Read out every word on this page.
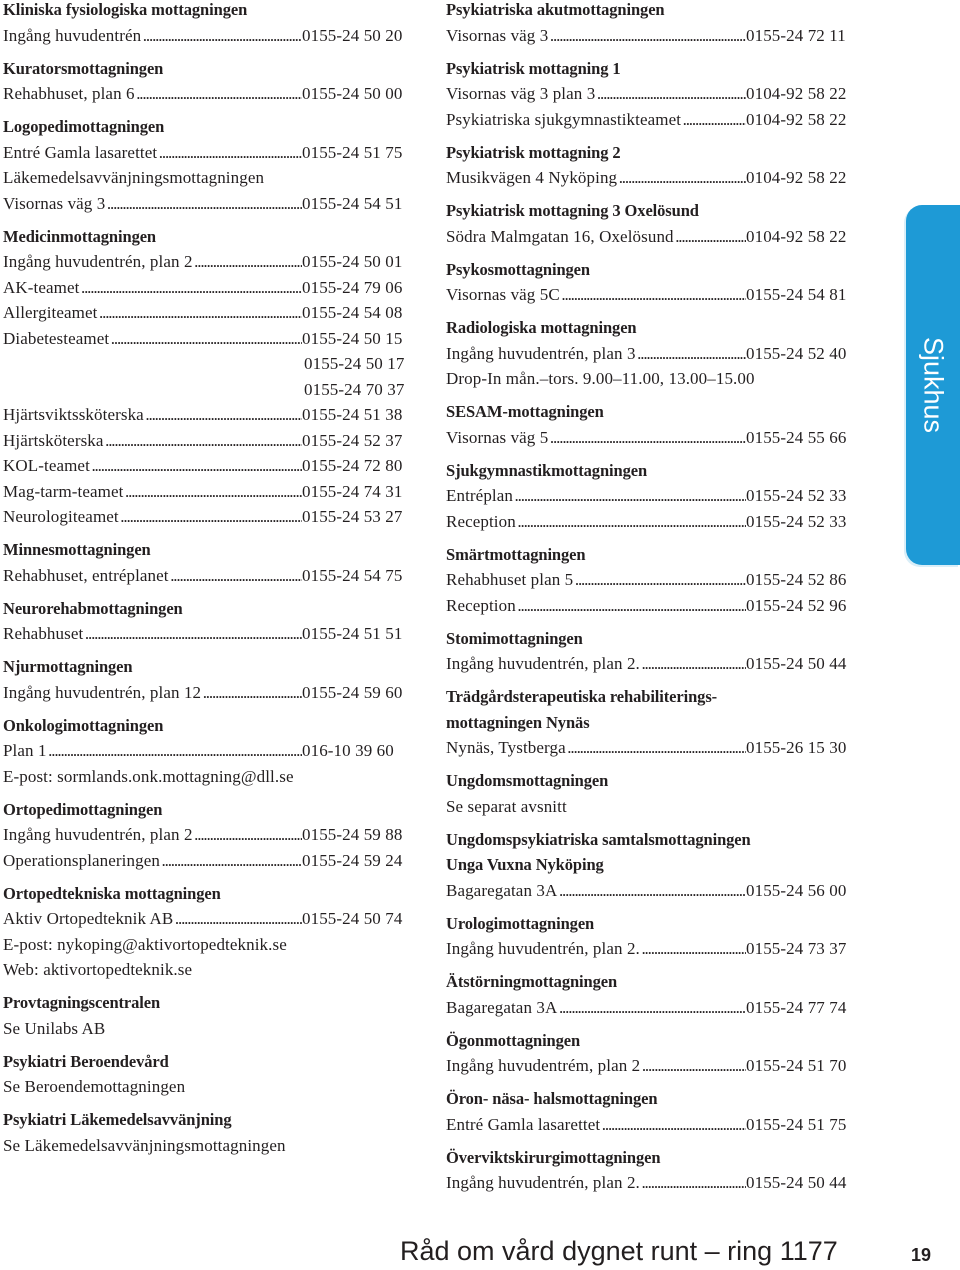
Kliniska fysiologiska mottagningen
Ingång huvudentrén . . .	0155-24 50 20
Kuratorsmottagningen
Rehabhuset, plan 6 . . .	0155-24 50 00
Logopedimottagningen
Entré Gamla lasarettet . . .	0155-24 51 75
Läkemedelsavvänjningsmottagningen
Visornas väg 3 . . .	0155-24 54 51
Medicinmottagningen
Ingång huvudentrén, plan 2 . . .	0155-24 50 01
AK-teamet . . .	0155-24 79 06
Allergiteamet . . .	0155-24 54 08
Diabetesteamet . . .	0155-24 50 15
0155-24 50 17
0155-24 70 37
Hjärtsviktssköterska . . .	0155-24 51 38
Hjärtsköterska . . .	0155-24 52 37
KOL-teamet . . .	0155-24 72 80
Mag-tarm-teamet . . .	0155-24 74 31
Neurologiteamet . . .	0155-24 53 27
Minnesmottagningen
Rehabhuset, entréplanet . . .	0155-24 54 75
Neurorehabmottagningen
Rehabhuset . . .	0155-24 51 51
Njurmottagningen
Ingång huvudentrén, plan 12 . . .	0155-24 59 60
Onkologimottagningen
Plan 1 . . .	016-10 39 60
E-post: sormlands.onk.mottagning@dll.se
Ortopedimottagningen
Ingång huvudentrén, plan 2 . . .	0155-24 59 88
Operationsplaneringen . . .	0155-24 59 24
Ortopedtekniska mottagningen
Aktiv Ortopedteknik AB . . .	0155-24 50 74
E-post: nykoping@aktivortopedteknik.se
Web: aktivortopedteknik.se
Provtagningscentralen
Se Unilabs AB
Psykiatri Beroendevård
Se Beroendemottagningen
Psykiatri Läkemedelsavvänjning
Se Läkemedelsavvänjningsmottagningen
Psykiatriska akutmottagningen
Visornas väg 3 . . .	0155-24 72 11
Psykiatrisk mottagning 1
Visornas väg 3 plan 3 . . .	0104-92 58 22
Psykiatriska sjukgymnastikteamet . . .	0104-92 58 22
Psykiatrisk mottagning 2
Musikvägen 4 Nyköping . . .	0104-92 58 22
Psykiatrisk mottagning 3 Oxelösund
Södra Malmgatan 16, Oxelösund . . .	0104-92 58 22
Psykosmottagningen
Visornas väg 5C . . .	0155-24 54 81
Radiologiska mottagningen
Ingång huvudentrén, plan 3 . . .	0155-24 52 40
Drop-In mån.–tors. 9.00–11.00, 13.00–15.00
SESAM-mottagningen
Visornas väg 5 . . .	0155-24 55 66
Sjukgymnastikmottagningen
Entréplan . . .	0155-24 52 33
Reception . . .	0155-24 52 33
Smärtmottagningen
Rehabhuset plan 5 . . .	0155-24 52 86
Reception . . .	0155-24 52 96
Stomimottagningen
Ingång huvudentrén, plan 2. . . .	0155-24 50 44
Trädgårdsterapeutiska rehabiliterings-
mottagningen Nynäs
Nynäs, Tystberga . . .	0155-26 15 30
Ungdomsmottagningen
Se separat avsnitt
Ungdomspsykiatriska samtalsmottagningen
Unga Vuxna Nyköping
Bagaregatan 3A . . .	0155-24 56 00
Urologimottagningen
Ingång huvudentrén, plan 2. . . .	0155-24 73 37
Ätstörningmottagningen
Bagaregatan 3A . . .	0155-24 77 74
Ögonmottagningen
Ingång huvudentrém, plan 2 . . .	0155-24 51 70
Öron- näsa- halsmottagningen
Entré Gamla lasarettet . . .	0155-24 51 75
Överviktskirurgimottagningen
Ingång huvudentrén, plan 2. . . .	0155-24 50 44
Sjukhus
Råd om vård dygnet runt – ring 1177	19
